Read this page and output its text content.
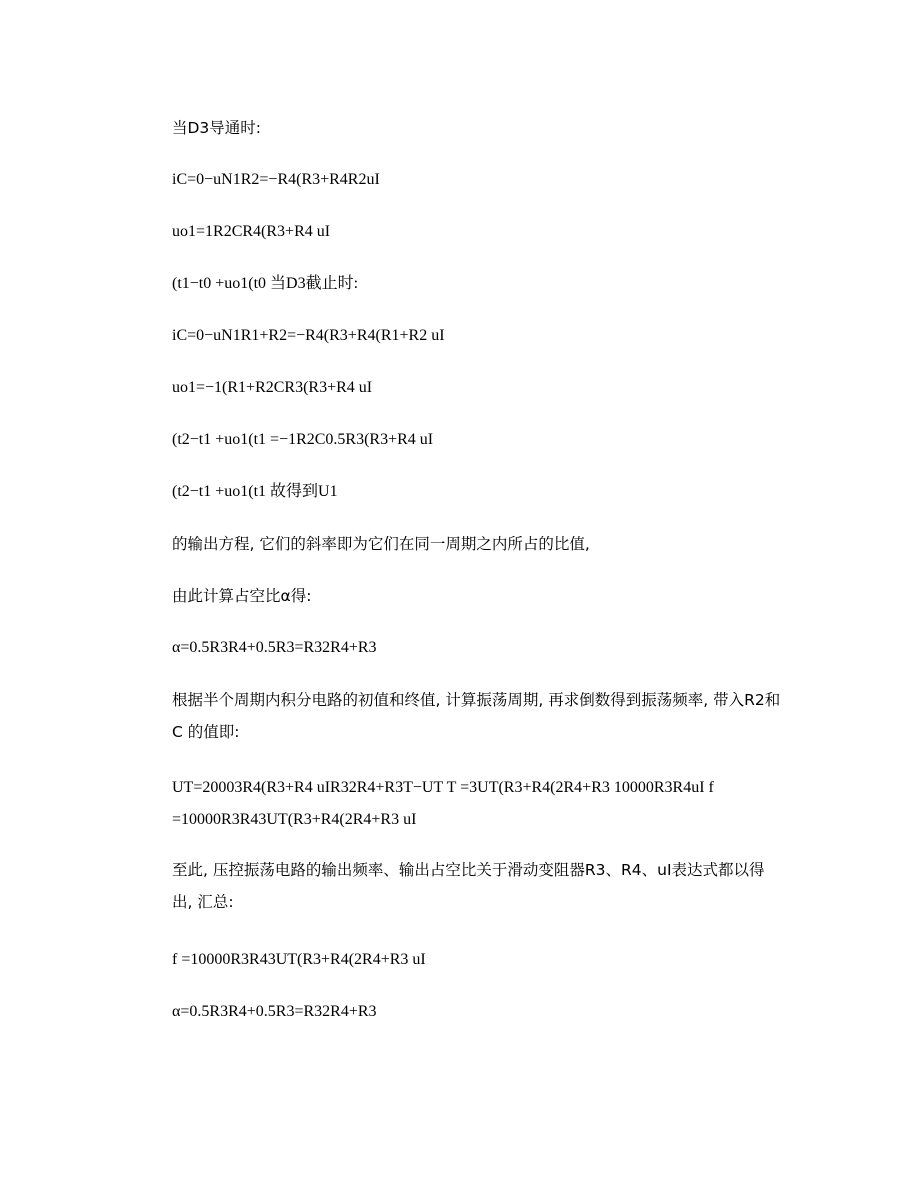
当D3导通时:
iC=0−uN1R2=−R4(R3+R4R2uI
uo1=1R2CR4(R3+R4 uI
(t1−t0 +uo1(t0 当D3截止时:
iC=0−uN1R1+R2=−R4(R3+R4(R1+R2 uI
uo1=−1(R1+R2CR3(R3+R4 uI
(t2−t1 +uo1(t1 =−1R2C0.5R3(R3+R4 uI
(t2−t1 +uo1(t1 故得到U1
的输出方程, 它们的斜率即为它们在同一周期之内所占的比值,
由此计算占空比α得:
α=0.5R3R4+0.5R3=R32R4+R3
根据半个周期内积分电路的初值和终值, 计算振荡周期, 再求倒数得到振荡频率, 带入R2和C 的值即:
UT=20003R4(R3+R4 uIR32R4+R3T−UT T =3UT(R3+R4(2R4+R3 10000R3R4uI f =10000R3R43UT(R3+R4(2R4+R3 uI
至此, 压控振荡电路的输出频率、输出占空比关于滑动变阻器R3、R4、uI表达式都以得出, 汇总:
f =10000R3R43UT(R3+R4(2R4+R3 uI
α=0.5R3R4+0.5R3=R32R4+R3
